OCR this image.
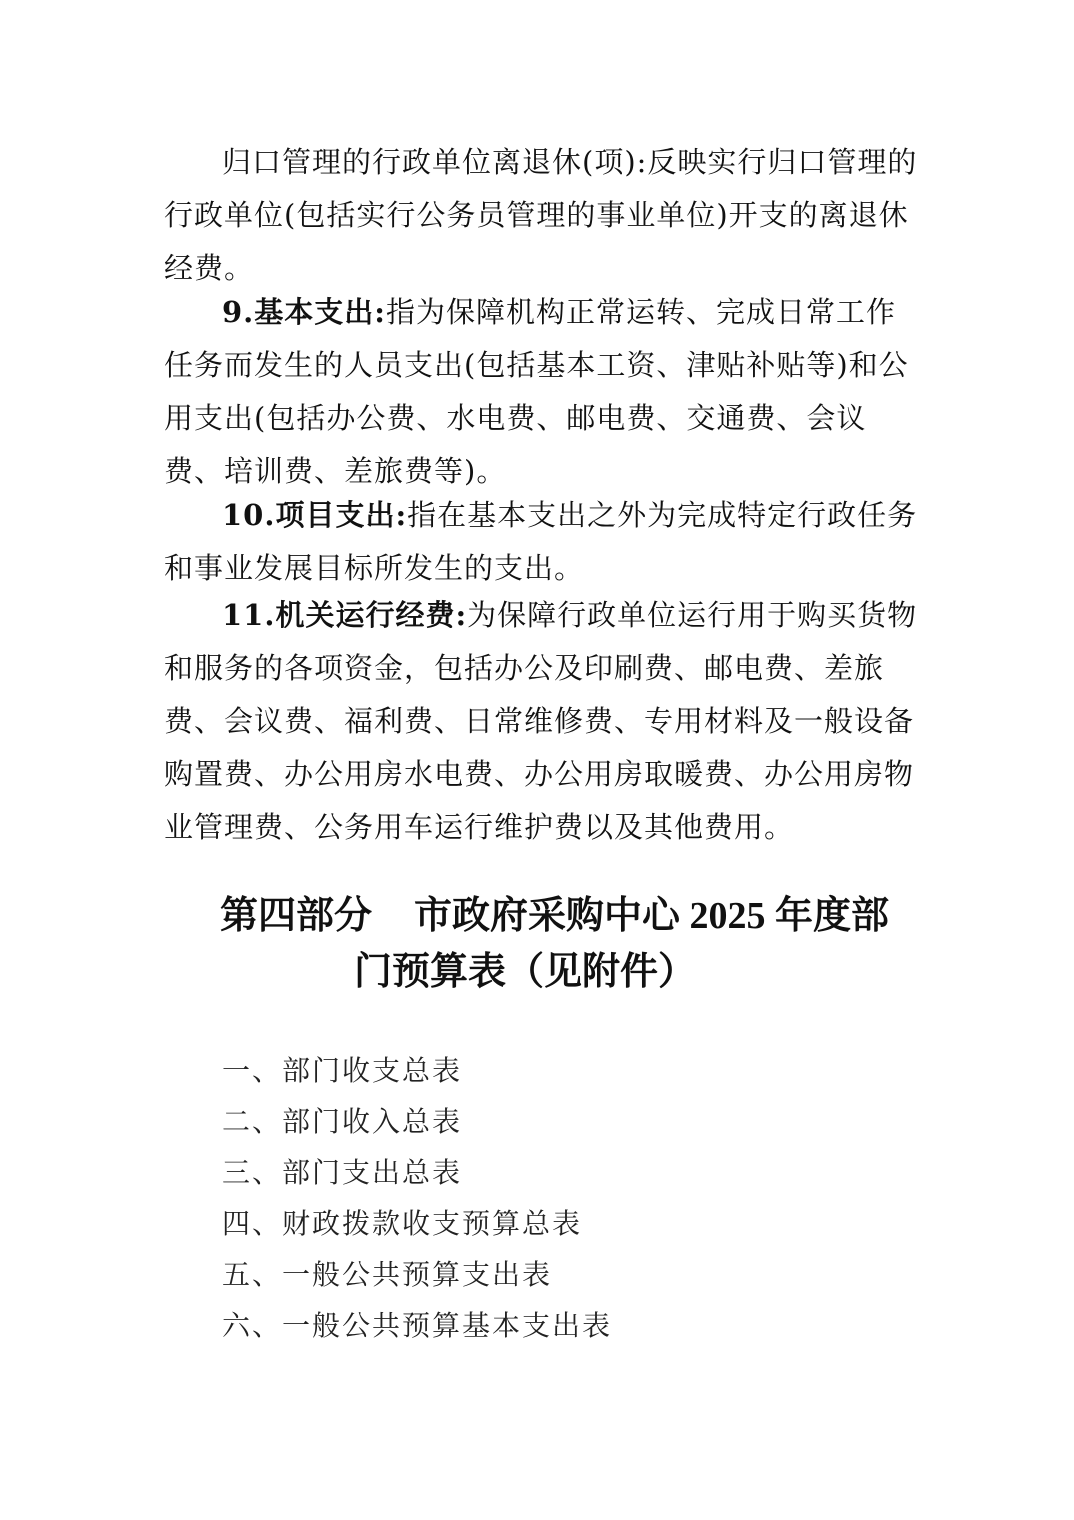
归口管理的行政单位离退休(项):反映实行归口管理的行政单位(包括实行公务员管理的事业单位)开支的离退休经费。

9.基本支出:指为保障机构正常运转、完成日常工作任务而发生的人员支出(包括基本工资、津贴补贴等)和公用支出(包括办公费、水电费、邮电费、交通费、会议费、培训费、差旅费等)。

10.项目支出:指在基本支出之外为完成特定行政任务和事业发展目标所发生的支出。

11.机关运行经费:为保障行政单位运行用于购买货物和服务的各项资金，包括办公及印刷费、邮电费、差旅费、会议费、福利费、日常维修费、专用材料及一般设备购置费、办公用房水电费、办公用房取暖费、办公用房物业管理费、公务用车运行维护费以及其他费用。

第四部分 市政府采购中心 2025 年度部
门预算表（见附件）
一、部门收支总表
二、部门收入总表
三、部门支出总表
四、财政拨款收支预算总表
五、一般公共预算支出表
六、一般公共预算基本支出表
